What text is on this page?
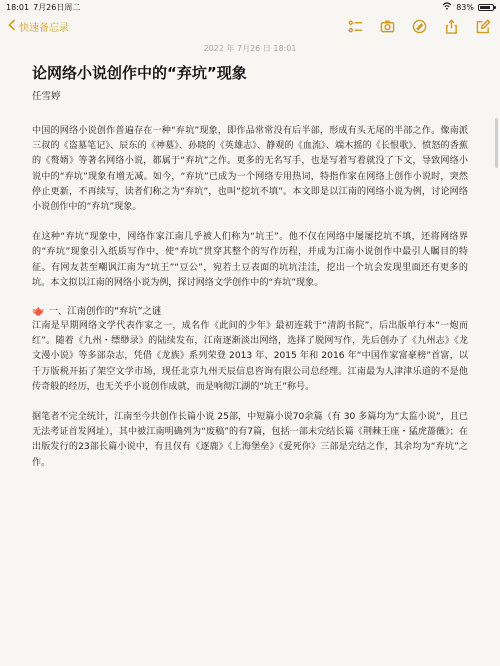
18:01 7月26日周二	83%
快速备忘录
2022 年 7月26 日 18:01
论网络小说创作中的“弃坑”现象
任雪婷

中国的网络小说创作普遍存在一种“弃坑”现象，即作品常常没有后半部，形成有头无尾的半部之作。像南派三叔的《盗墓笔记》、辰东的《神墓》、孙晓的《英雄志》、静观的《血流》、端木摇的《长恨歌》、愤怒的香蕉的《赘婿》等著名网络小说，都属于“弃坑”之作。更多的无名写手，也是写着写着就没了下文，导致网络小说中的“弃坑”现象有增无减。如今，“弃坑”已成为一个网络专用热词，特指作家在网络上创作小说时，突然停止更新，不再续写，读者们称之为“弃坑”，也叫“挖坑不填”。本文即是以江南的网络小说为例，讨论网络小说创作中的“弃坑”现象。

在这种“弃坑”现象中，网络作家江南几乎被人们称为“坑王”。他不仅在网络中屡屡挖坑不填，还将网络界的“弃坑”现象引入纸质写作中，使“弃坑”贯穿其整个的写作历程，并成为江南小说创作中最引人瞩目的特征。有网友甚至嘲讽江南为“坑王”“豆公”，宛若土豆表面的坑坑洼洼，挖出一个坑会发现里面还有更多的坑。本文拟以江南的网络小说为例，探讨网络文学创作中的“弃坑”现象。

🫖 一、江南创作的“弃坑”之谜

江南是早期网络文学代表作家之一，成名作《此间的少年》最初连载于“清韵书院”，后出版单行本“一炮而红”。随着《九州・缥缈录》的陆续发布，江南逐渐淡出网络，选择了脱网写作，先后创办了《九州志》《龙文漫小说》等多部杂志，凭借《龙族》系列荣登 2013 年、2015 年和 2016 年“中国作家富豪榜”首富，以千万版税开拓了架空文学市场，现任北京九州天辰信息咨询有限公司总经理。江南最为人津津乐道的不是他传奇般的经历，也无关乎小说创作成就，而是响彻江湖的“坑王”称号。

据笔者不完全统计，江南至今共创作长篇小说 25部，中短篇小说70余篇（有 30 多篇均为“太监小说”，且已无法考证首发网址），其中被江南明确列为“废稿”的有7篇，包括一部未完结长篇《荆棘王座・猛虎蔷薇》；在出版发行的23部长篇小说中，有且仅有《逐鹿》《上海堡垒》《爱死你》三部是完结之作，其余均为“弃坑”之作。
